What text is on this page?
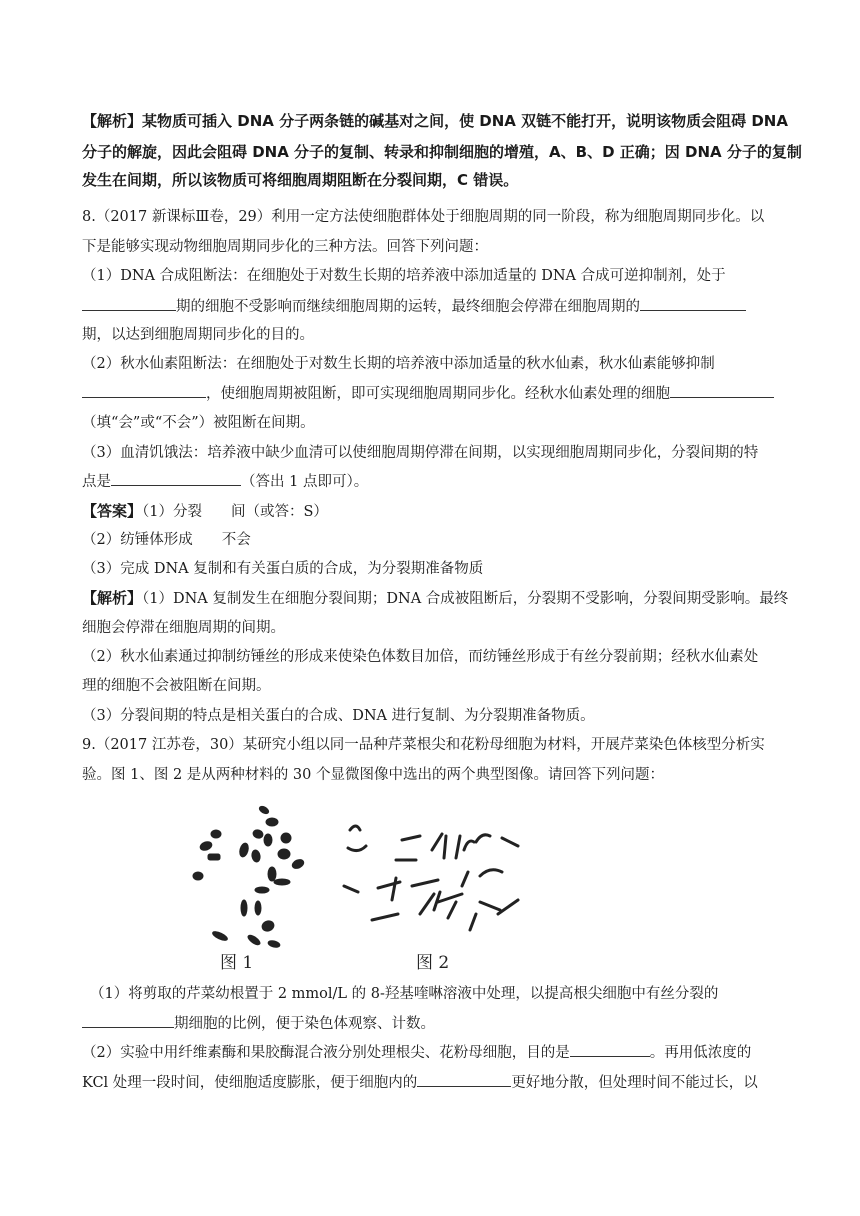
【解析】某物质可插入 DNA 分子两条链的碱基对之间，使 DNA 双链不能打开，说明该物质会阻碍 DNA
分子的解旋，因此会阻碍 DNA 分子的复制、转录和抑制细胞的增殖，A、B、D 正确；因 DNA 分子的复制
发生在间期，所以该物质可将细胞周期阻断在分裂间期，C 错误。
8.（2017 新课标Ⅲ卷，29）利用一定方法使细胞群体处于细胞周期的同一阶段，称为细胞周期同步化。以
下是能够实现动物细胞周期同步化的三种方法。回答下列问题：
（1）DNA 合成阻断法：在细胞处于对数生长期的培养液中添加适量的 DNA 合成可逆抑制剂，处于
期的细胞不受影响而继续细胞周期的运转，最终细胞会停滞在细胞周期的
期，以达到细胞周期同步化的目的。
（2）秋水仙素阻断法：在细胞处于对数生长期的培养液中添加适量的秋水仙素，秋水仙素能够抑制
，使细胞周期被阻断，即可实现细胞周期同步化。经秋水仙素处理的细胞
（填“会”或“不会”）被阻断在间期。
（3）血清饥饿法：培养液中缺少血清可以使细胞周期停滞在间期，以实现细胞周期同步化，分裂间期的特
点是	（答出 1 点即可）。
【答案】（1）分裂　　间（或答：S）
（2）纺锤体形成　　不会
（3）完成 DNA 复制和有关蛋白质的合成，为分裂期准备物质
【解析】（1）DNA 复制发生在细胞分裂间期；DNA 合成被阻断后，分裂期不受影响，分裂间期受影响。最终
细胞会停滞在细胞周期的间期。
（2）秋水仙素通过抑制纺锤丝的形成来使染色体数目加倍，而纺锤丝形成于有丝分裂前期；经秋水仙素处
理的细胞不会被阻断在间期。
（3）分裂间期的特点是相关蛋白的合成、DNA 进行复制、为分裂期准备物质。
9.（2017 江苏卷，30）某研究小组以同一品种芹菜根尖和花粉母细胞为材料，开展芹菜染色体核型分析实
验。图 1、图 2 是从两种材料的 30 个显微图像中选出的两个典型图像。请回答下列问题：
图 1	图 2
（1）将剪取的芹菜幼根置于 2 mmol/L 的 8-羟基喹啉溶液中处理，以提高根尖细胞中有丝分裂的
期细胞的比例，便于染色体观察、计数。
（2）实验中用纤维素酶和果胶酶混合液分别处理根尖、花粉母细胞，目的是	。再用低浓度的
KCl 处理一段时间，使细胞适度膨胀，便于细胞内的	更好地分散，但处理时间不能过长，以
